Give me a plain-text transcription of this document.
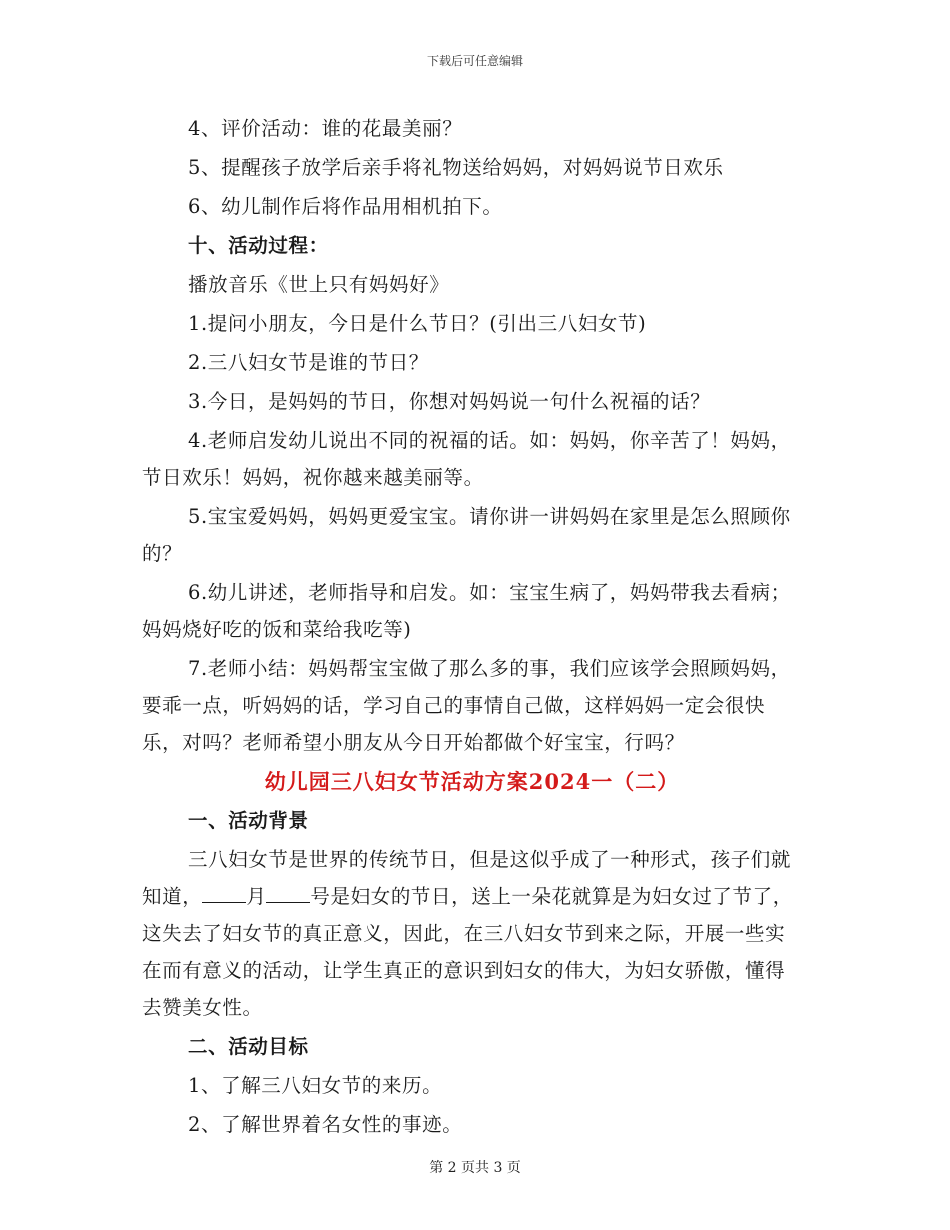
下载后可任意编辑

4、评价活动：谁的花最美丽？

5、提醒孩子放学后亲手将礼物送给妈妈，对妈妈说节日欢乐

6、幼儿制作后将作品用相机拍下。

十、活动过程：

播放音乐《世上只有妈妈好》

1.提问小朋友，今日是什么节日？(引出三八妇女节)

2.三八妇女节是谁的节日？

3.今日，是妈妈的节日，你想对妈妈说一句什么祝福的话？

4.老师启发幼儿说出不同的祝福的话。如：妈妈，你辛苦了！妈妈，节日欢乐！妈妈，祝你越来越美丽等。

5.宝宝爱妈妈，妈妈更爱宝宝。请你讲一讲妈妈在家里是怎么照顾你的？

6.幼儿讲述，老师指导和启发。如：宝宝生病了，妈妈带我去看病；妈妈烧好吃的饭和菜给我吃等)

7.老师小结：妈妈帮宝宝做了那么多的事，我们应该学会照顾妈妈，要乖一点，听妈妈的话，学习自己的事情自己做，这样妈妈一定会很快乐，对吗？老师希望小朋友从今日开始都做个好宝宝，行吗？

幼儿园三八妇女节活动方案2024一（二）

一、活动背景

三八妇女节是世界的传统节日，但是这似乎成了一种形式，孩子们就知道， 月 号是妇女的节日，送上一朵花就算是为妇女过了节了，这失去了妇女节的真正意义，因此，在三八妇女节到来之际，开展一些实在而有意义的活动，让学生真正的意识到妇女的伟大，为妇女骄傲，懂得去赞美女性。

二、活动目标

1、了解三八妇女节的来历。

2、了解世界着名女性的事迹。

第 2 页共 3 页
